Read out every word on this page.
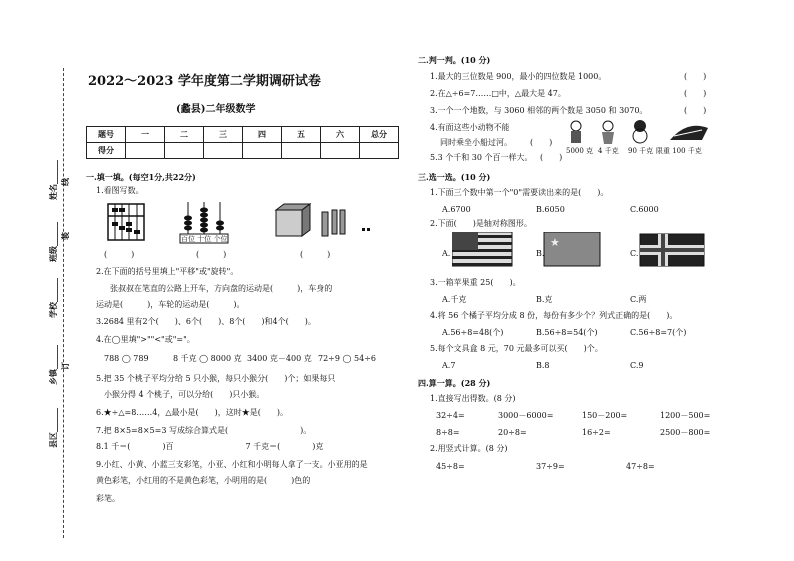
姓名______
班级______
学校______
乡镇______
县区______
线
订
装
2022～2023 学年度第二学期调研试卷
(蠡县)二年级数学
题号	一	二	三	四	五	六	总分
得分							
一.填一填。(每空1分,共22分)
1.看图写数。
百位 十位 个位
(　　　)	(　　　)	(　　　)
2.在下面的括号里填上"平移"或"旋转"。
张叔叔在笔直的公路上开车，方向盘的运动是(　　　)，车身的
运动是(　　　)，车轮的运动是(　　　)。
3.2684 里有2个(　　)、6个(　　)、8个(　　)和4个(　　)。
4.在◯里填">""<"或"="。
788 ◯ 789	8 千克 ◯ 8000 克 3400 克－400 克 72÷9 ◯ 54÷6
5.把 35 个桃子平均分给 5 只小猴，每只小猴分(　　)个；如果每只
小猴分得 4 个桃子，可以分给(　　)只小猴。
6.★÷△=8……4，△最小是(　　)，这时★是(　　)。
7.把 8×5=8×5=3 写成综合算式是(　　　　　　　　　)。
8.1 千＝(　　　　)百　　　　　　　　　7 千克＝(　　　　)克
9.小红、小黄、小蓝三支彩笔，小亚、小红和小明每人拿了一支。小亚用的是
黄色彩笔，小红用的不是黄色彩笔，小明用的是(　　　)色的
彩笔。
二.判一判。(10 分)
1.最大的三位数是 900，最小的四位数是 1000。	(　　)
2.在△÷6=7……□中，△最大是 47。	(　　)
3.一个一个地数，与 3060 相邻的两个数是 3050 和 3070。	(　　)
4.有面这些小动物不能
同时乘坐小船过河。 (　　)
5.3 个千和 30 个百一样大。 (　　)
5000 克 4 千克 90 千克 限重 100 千克
三.选一选。(10 分)
1.下面三个数中第一个"0"需要读出来的是(　　)。
A.6700	B.6050	C.6000
2.下面(　　)是轴对称图形。
A.	B.	C.
★
3.一箱苹果重 25(　　)。
A.千克	B.克	C.两
4.将 56 个橘子平均分成 8 份，每份有多少个？列式正确的是(　　)。
A.56÷8=48(个)	B.56÷8=54(个)	C.56÷8=7(个)
5.每个文具盒 8 元，70 元最多可以买(　　)个。
A.7	B.8	C.9
四.算一算。(28 分)
1.直接写出得数。(8 分)
32÷4=	3000－6000=	150－200=	1200－500=
8÷8=	20÷8=	16÷2=	2500－800=
2.用竖式计算。(8 分)
45÷8=	37÷9=	47÷8=
